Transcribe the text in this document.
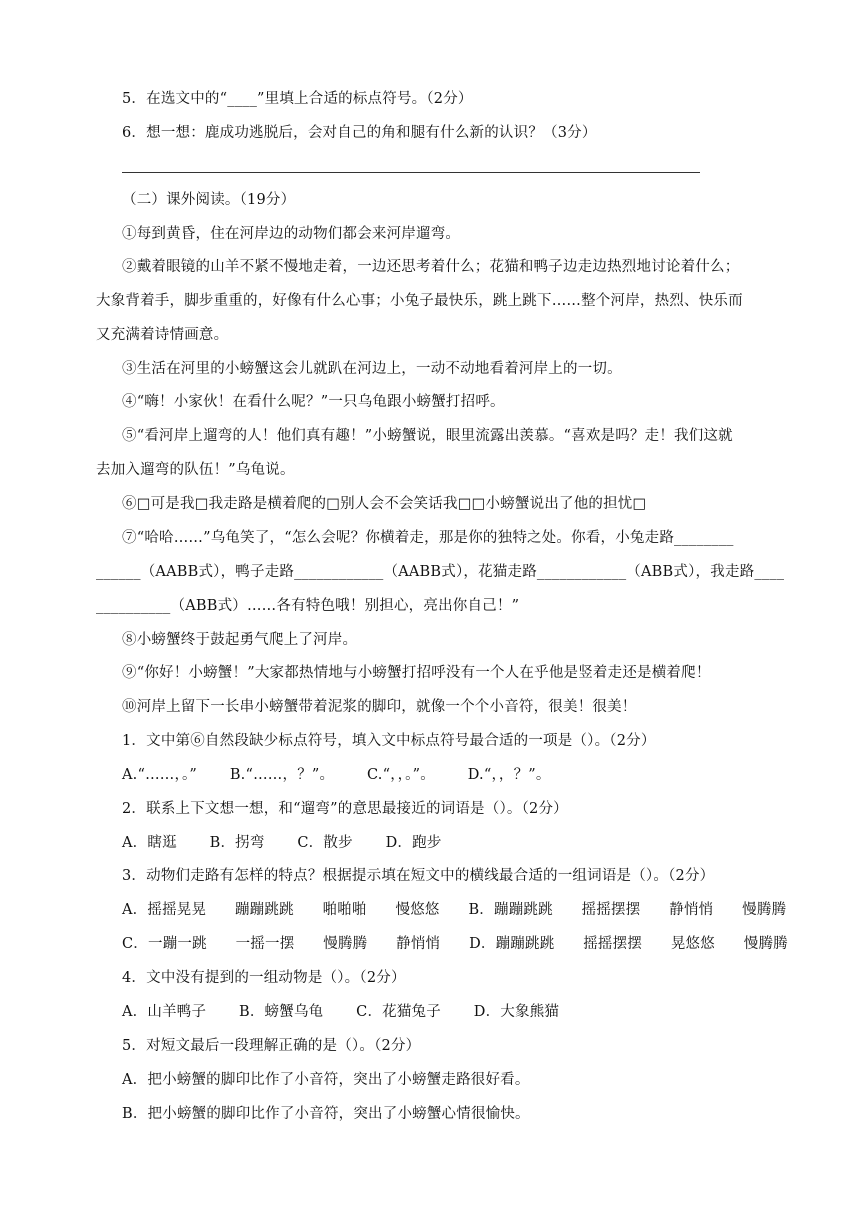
5．在选文中的“____”里填上合适的标点符号。（2分）
6．想一想：鹿成功逃脱后，会对自己的角和腿有什么新的认识？（3分）
（二）课外阅读。（19分）
①每到黄昏，住在河岸边的动物们都会来河岸遛弯。
②戴着眼镜的山羊不紧不慢地走着，一边还思考着什么；花猫和鸭子边走边热烈地讨论着什么；
大象背着手，脚步重重的，好像有什么心事；小兔子最快乐，跳上跳下……整个河岸，热烈、快乐而
又充满着诗情画意。
③生活在河里的小螃蟹这会儿就趴在河边上，一动不动地看着河岸上的一切。
④“嗨！小家伙！在看什么呢？”一只乌龟跟小螃蟹打招呼。
⑤“看河岸上遛弯的人！他们真有趣！”小螃蟹说，眼里流露出羡慕。“喜欢是吗？走！我们这就
去加入遛弯的队伍！”乌龟说。
⑥□可是我□我走路是横着爬的□别人会不会笑话我□□小螃蟹说出了他的担忧□
⑦“哈哈……”乌龟笑了，“怎么会呢？你横着走，那是你的独特之处。你看，小兔走路________
______（AABB式），鸭子走路____________（AABB式），花猫走路____________（ABB式），我走路____
__________（ABB式）……各有特色哦！别担心，亮出你自己！”
⑧小螃蟹终于鼓起勇气爬上了河岸。
⑨“你好！小螃蟹！”大家都热情地与小螃蟹打招呼没有一个人在乎他是竖着走还是横着爬！
⑩河岸上留下一长串小螃蟹带着泥浆的脚印，就像一个个小音符，很美！很美！
1．文中第⑥自然段缺少标点符号，填入文中标点符号最合适的一项是（）。（2分）
A.“……，。” B.“……，？”。 C.“，，。”。 D.“，，？”。
2．联系上下文想一想，和“遛弯”的意思最接近的词语是（）。（2分）
A．瞎逛 B．拐弯 C．散步 D．跑步
3．动物们走路有怎样的特点？根据提示填在短文中的横线最合适的一组词语是（）。（2分）
A．摇摇晃晃 蹦蹦跳跳 啪啪啪 慢悠悠 B．蹦蹦跳跳 摇摇摆摆 静悄悄 慢腾腾
C．一蹦一跳 一摇一摆 慢腾腾 静悄悄 D．蹦蹦跳跳 摇摇摆摆 晃悠悠 慢腾腾
4．文中没有提到的一组动物是（）。（2分）
A．山羊鸭子 B．螃蟹乌龟 C．花猫兔子 D．大象熊猫
5．对短文最后一段理解正确的是（）。（2分）
A．把小螃蟹的脚印比作了小音符，突出了小螃蟹走路很好看。
B．把小螃蟹的脚印比作了小音符，突出了小螃蟹心情很愉快。
